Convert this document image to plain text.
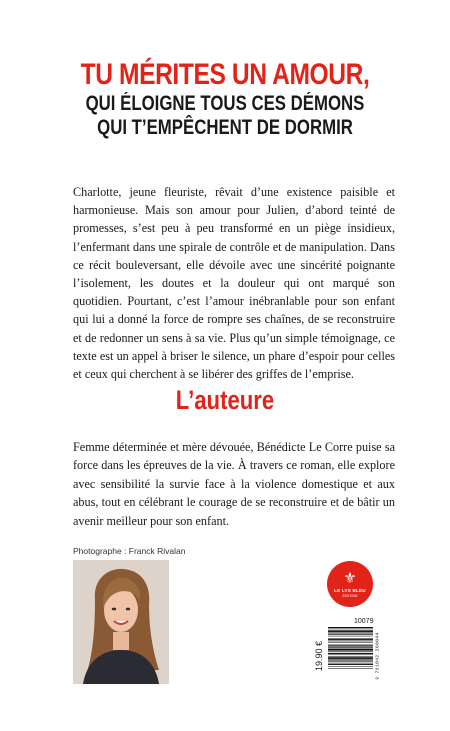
TU MÉRITES UN AMOUR,

QUI ÉLOIGNE TOUS CES DÉMONS

QUI T’EMPÊCHENT DE DORMIR

Charlotte, jeune fleuriste, rêvait d’une existence paisible et harmonieuse. Mais son amour pour Julien, d’abord teinté de promesses, s’est peu à peu transformé en un piège insidieux, l’enfermant dans une spirale de contrôle et de manipulation. Dans ce récit bouleversant, elle dévoile avec une sincérité poignante l’isolement, les doutes et la douleur qui ont marqué son quotidien. Pourtant, c’est l’amour inébranlable pour son enfant qui lui a donné la force de rompre ses chaînes, de se reconstruire et de redonner un sens à sa vie. Plus qu’un simple témoignage, ce texte est un appel à briser le silence, un phare d’espoir pour celles et ceux qui cherchent à se libérer des griffes de l’emprise.

L’auteure

Femme déterminée et mère dévouée, Bénédicte Le Corre puise sa force dans les épreuves de la vie. À travers ce roman, elle explore avec sensibilité la survie face à la violence domestique et aux abus, tout en célébrant le courage de se reconstruire et de bâtir un avenir meilleur pour son enfant.

Photographe : Franck Rivalan
⚜
LE LYS BLEU
ÉDITIONS
10079
19.90 €	9 791042 260044
